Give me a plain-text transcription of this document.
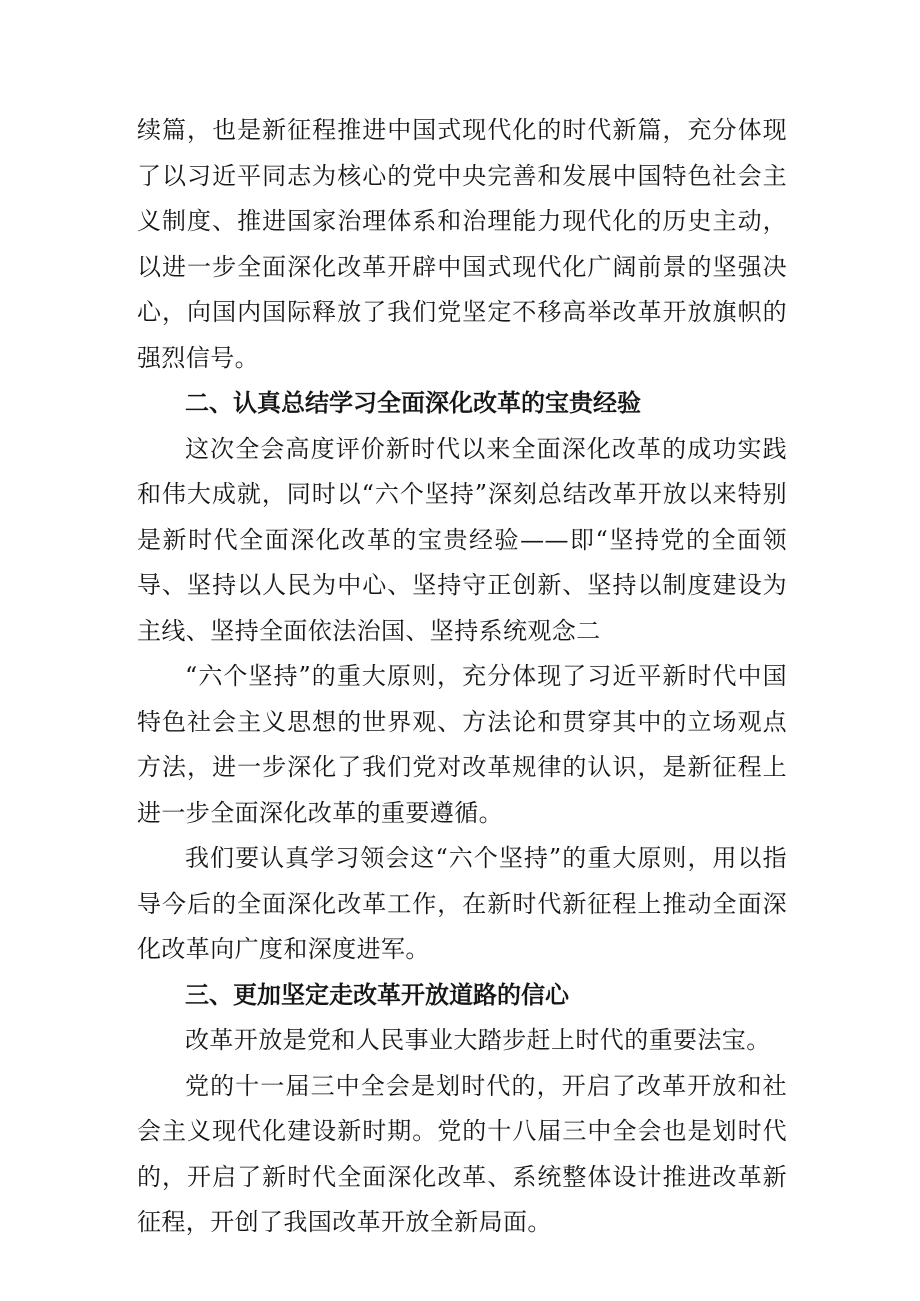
续篇，也是新征程推进中国式现代化的时代新篇，充分体现了以习近平同志为核心的党中央完善和发展中国特色社会主义制度、推进国家治理体系和治理能力现代化的历史主动，以进一步全面深化改革开辟中国式现代化广阔前景的坚强决心，向国内国际释放了我们党坚定不移高举改革开放旗帜的强烈信号。

二、认真总结学习全面深化改革的宝贵经验

这次全会高度评价新时代以来全面深化改革的成功实践和伟大成就，同时以“六个坚持”深刻总结改革开放以来特别是新时代全面深化改革的宝贵经验——即“坚持党的全面领导、坚持以人民为中心、坚持守正创新、坚持以制度建设为主线、坚持全面依法治国、坚持系统观念二

“六个坚持”的重大原则，充分体现了习近平新时代中国特色社会主义思想的世界观、方法论和贯穿其中的立场观点方法，进一步深化了我们党对改革规律的认识，是新征程上进一步全面深化改革的重要遵循。

我们要认真学习领会这“六个坚持”的重大原则，用以指导今后的全面深化改革工作，在新时代新征程上推动全面深化改革向广度和深度进军。

三、更加坚定走改革开放道路的信心

改革开放是党和人民事业大踏步赶上时代的重要法宝。

党的十一届三中全会是划时代的，开启了改革开放和社会主义现代化建设新时期。党的十八届三中全会也是划时代的，开启了新时代全面深化改革、系统整体设计推进改革新征程，开创了我国改革开放全新局面。
